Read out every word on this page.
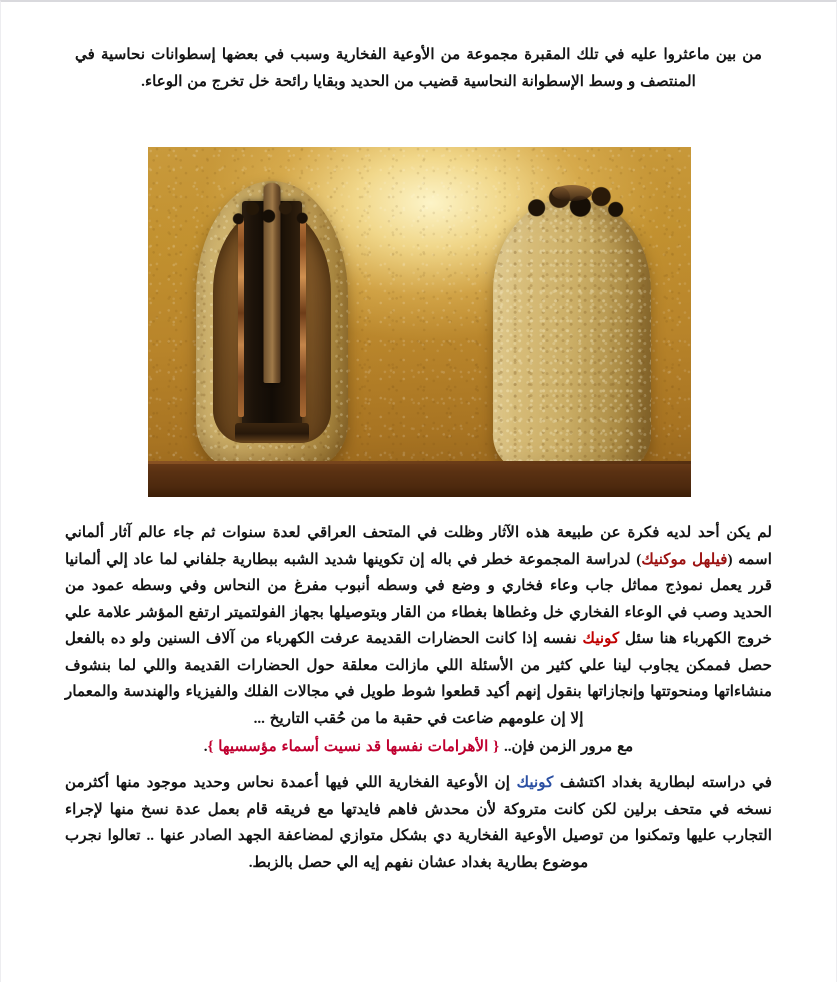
من بين ماعثروا عليه في تلك المقبرة مجموعة من الأوعية الفخارية وسبب في بعضها إسطوانات نحاسية في المنتصف و وسط الإسطوانة النحاسية قضيب من الحديد وبقايا رائحة خل تخرج من الوعاء.

لم يكن أحد لديه فكرة عن طبيعة هذه الآثار وظلت في المتحف العراقي لعدة سنوات ثم جاء عالم آثار ألماني اسمه (فيلهل موكنيك) لدراسة المجموعة خطر في باله إن تكوينها شديد الشبه ببطارية جلفاني لما عاد إلي ألمانيا قرر يعمل نموذج مماثل جاب وعاء فخاري و وضع في وسطه أنبوب مفرغ من النحاس وفي وسطه عمود من الحديد وصب في الوعاء الفخاري خل وغطاها بغطاء من القار وبتوصيلها بجهاز الفولتميتر ارتفع المؤشر علامة علي خروج الكهرباء هنا سئل كونيك نفسه إذا كانت الحضارات القديمة عرفت الكهرباء من آلاف السنين ولو ده بالفعل حصل فممكن يجاوب لينا علي كثير من الأسئلة اللي مازالت معلقة حول الحضارات القديمة واللي لما بنشوف منشاءاتها ومنحوتتها وإنجازاتها بنقول إنهم أكيد قطعوا شوط طويل في مجالات الفلك والفيزياء والهندسة والمعمار إلا إن علومهم ضاعت في حقبة ما من حُقب التاريخ ...

مع مرور الزمن فإن.. { الأهرامات نفسها قد نسيت أسماء مؤسسيها }.

في دراسته لبطارية بغداد اكتشف كونيك إن الأوعية الفخارية اللي فيها أعمدة نحاس وحديد موجود منها أكثرمن نسخه في متحف برلين لكن كانت متروكة لأن محدش فاهم فايدتها مع فريقه قام بعمل عدة نسخ منها لإجراء التجارب عليها وتمكنوا من توصيل الأوعية الفخارية دي بشكل متوازي لمضاعفة الجهد الصادر عنها .. تعالوا نجرب موضوع بطارية بغداد عشان نفهم إيه الي حصل بالزبط.
